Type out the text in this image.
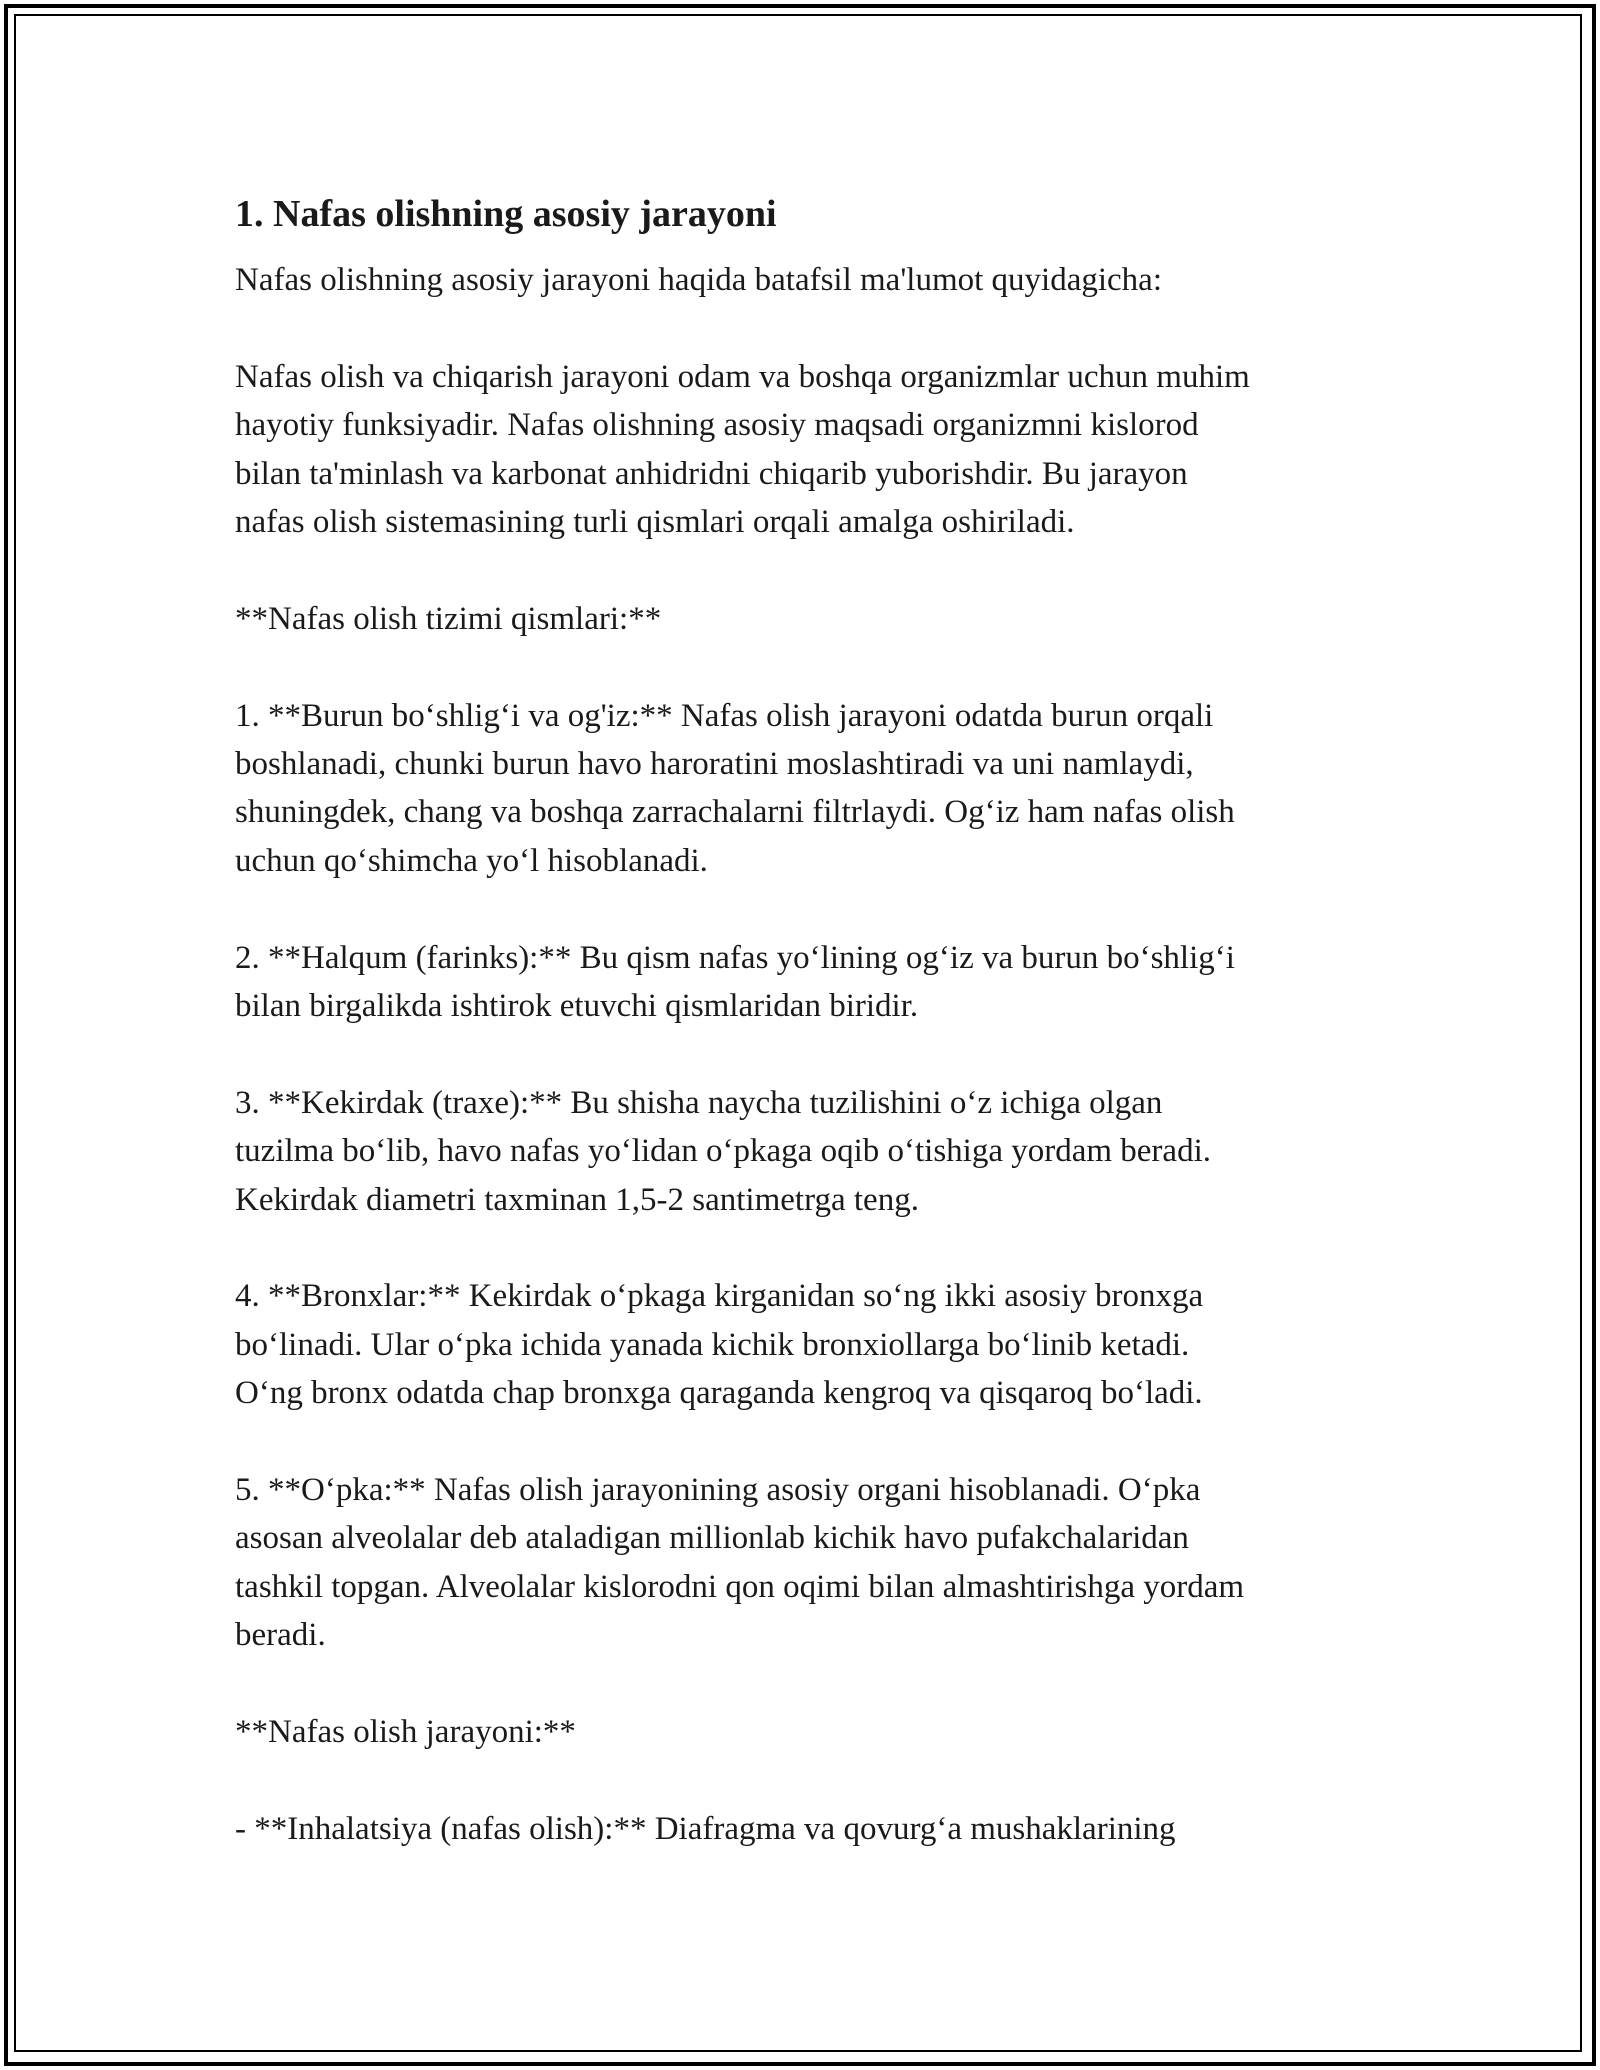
1. Nafas olishning asosiy jarayoni

Nafas olishning asosiy jarayoni haqida batafsil ma'lumot quyidagicha:

Nafas olish va chiqarish jarayoni odam va boshqa organizmlar uchun muhim
hayotiy funksiyadir. Nafas olishning asosiy maqsadi organizmni kislorod
bilan ta'minlash va karbonat anhidridni chiqarib yuborishdir. Bu jarayon
nafas olish sistemasining turli qismlari orqali amalga oshiriladi.

**Nafas olish tizimi qismlari:**

1. **Burun boʻshligʻi va og'iz:** Nafas olish jarayoni odatda burun orqali
boshlanadi, chunki burun havo haroratini moslashtiradi va uni namlaydi,
shuningdek, chang va boshqa zarrachalarni filtrlaydi. Ogʻiz ham nafas olish
uchun qoʻshimcha yoʻl hisoblanadi.

2. **Halqum (farinks):** Bu qism nafas yoʻlining ogʻiz va burun boʻshligʻi
bilan birgalikda ishtirok etuvchi qismlaridan biridir.

3. **Kekirdak (traxe):** Bu shisha naycha tuzilishini oʻz ichiga olgan
tuzilma boʻlib, havo nafas yoʻlidan oʻpkaga oqib oʻtishiga yordam beradi.
Kekirdak diametri taxminan 1,5-2 santimetrga teng.

4. **Bronxlar:** Kekirdak oʻpkaga kirganidan soʻng ikki asosiy bronxga
boʻlinadi. Ular oʻpka ichida yanada kichik bronxiollarga boʻlinib ketadi.
Oʻng bronx odatda chap bronxga qaraganda kengroq va qisqaroq boʻladi.

5. **Oʻpka:** Nafas olish jarayonining asosiy organi hisoblanadi. Oʻpka
asosan alveolalar deb ataladigan millionlab kichik havo pufakchalaridan
tashkil topgan. Alveolalar kislorodni qon oqimi bilan almashtirishga yordam
beradi.

**Nafas olish jarayoni:**

- **Inhalatsiya (nafas olish):** Diafragma va qovurgʻa mushaklarining
